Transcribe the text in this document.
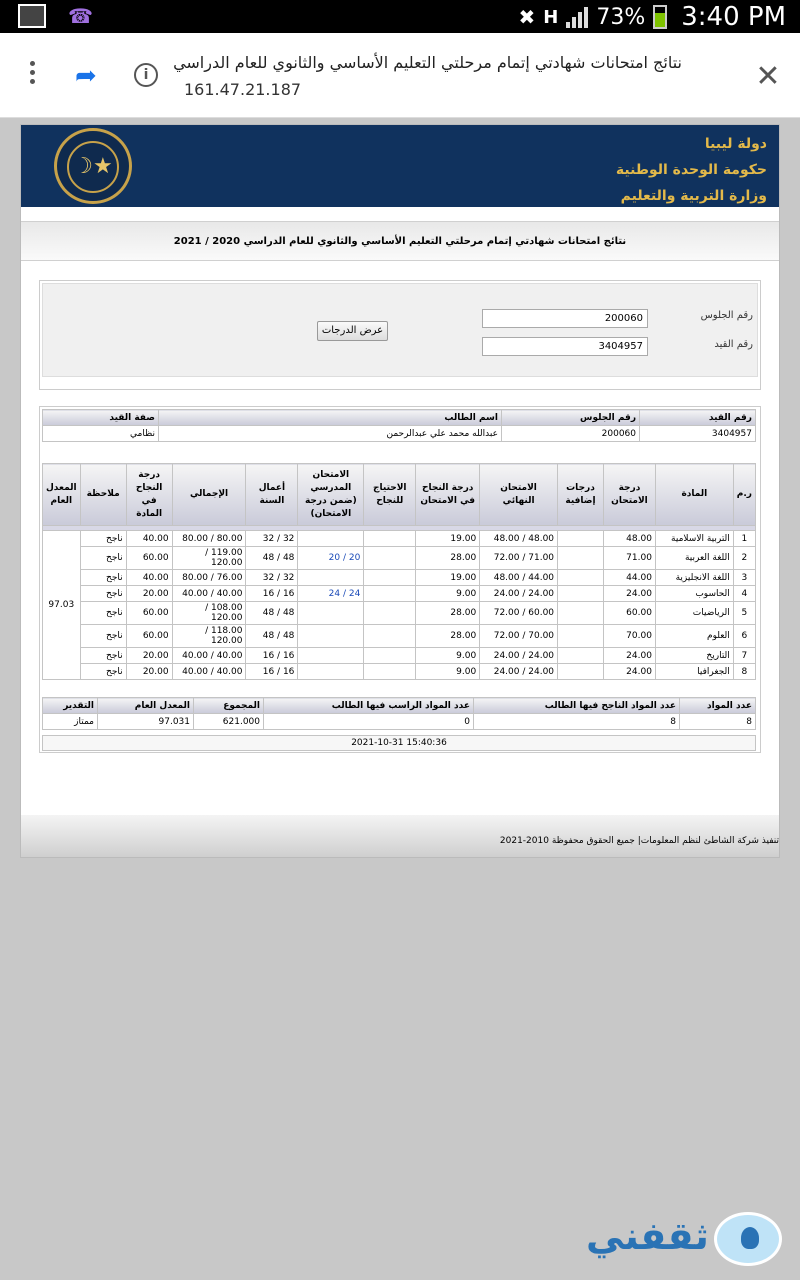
☎	✖ H 73% 3:40 PM
➦	i
نتائج امتحانات شهادتي إتمام مرحلتي التعليم الأساسي والثانوي للعام الدراسي
161.47.21.187	✕
☽★
دولة ليبيا
حكومة الوحدة الوطنية
وزارة التربية والتعليم
نتائج امتحانات شهادتي إتمام مرحلتي التعليم الأساسي والثانوي للعام الدراسي 2020 / 2021
رقم الجلوس
200060
رقم القيد
3404957
عرض الدرجات
رقم القيد	رقم الجلوس	اسم الطالب	صفة القيد
3404957	200060	عبدالله محمد علي عبدالرحمن	نظامي
ر.م	المادة	درجة الامتحان	درجات إضافية	الامتحان النهائي	درجة النجاح في الامتحان	الاحتياج للنجاح	الامتحان المدرسي (ضمن درجة الامتحان)	أعمال السنة	الإجمالي	درجة النجاح في المادة	ملاحظة	المعدل العام

1	التربية الاسلامية	48.00		48.00 / 48.00	19.00			32 / 32	80.00 / 80.00	40.00	ناجح	97.03
2	اللغة العربية	71.00		71.00 / 72.00	28.00		20 / 20	48 / 48	119.00 / 120.00	60.00	ناجح	
3	اللغة الانجليزية	44.00		44.00 / 48.00	19.00			32 / 32	76.00 / 80.00	40.00	ناجح	
4	الحاسوب	24.00		24.00 / 24.00	9.00		24 / 24	16 / 16	40.00 / 40.00	20.00	ناجح	
5	الرياضيات	60.00		60.00 / 72.00	28.00			48 / 48	108.00 / 120.00	60.00	ناجح	
6	العلوم	70.00		70.00 / 72.00	28.00			48 / 48	118.00 / 120.00	60.00	ناجح	
7	التاريخ	24.00		24.00 / 24.00	9.00			16 / 16	40.00 / 40.00	20.00	ناجح	
8	الجغرافيا	24.00		24.00 / 24.00	9.00			16 / 16	40.00 / 40.00	20.00	ناجح	
عدد المواد	عدد المواد الناجح فيها الطالب	عدد المواد الراسب فيها الطالب	المجموع	المعدل العام	التقدير
8	8	0	621.000	97.031	ممتاز
2021-10-31 15:40:36
تنفيذ شركة الشاطئ لنظم المعلومات| جميع الحقوق محفوظة 2010-2021
ثقفني
